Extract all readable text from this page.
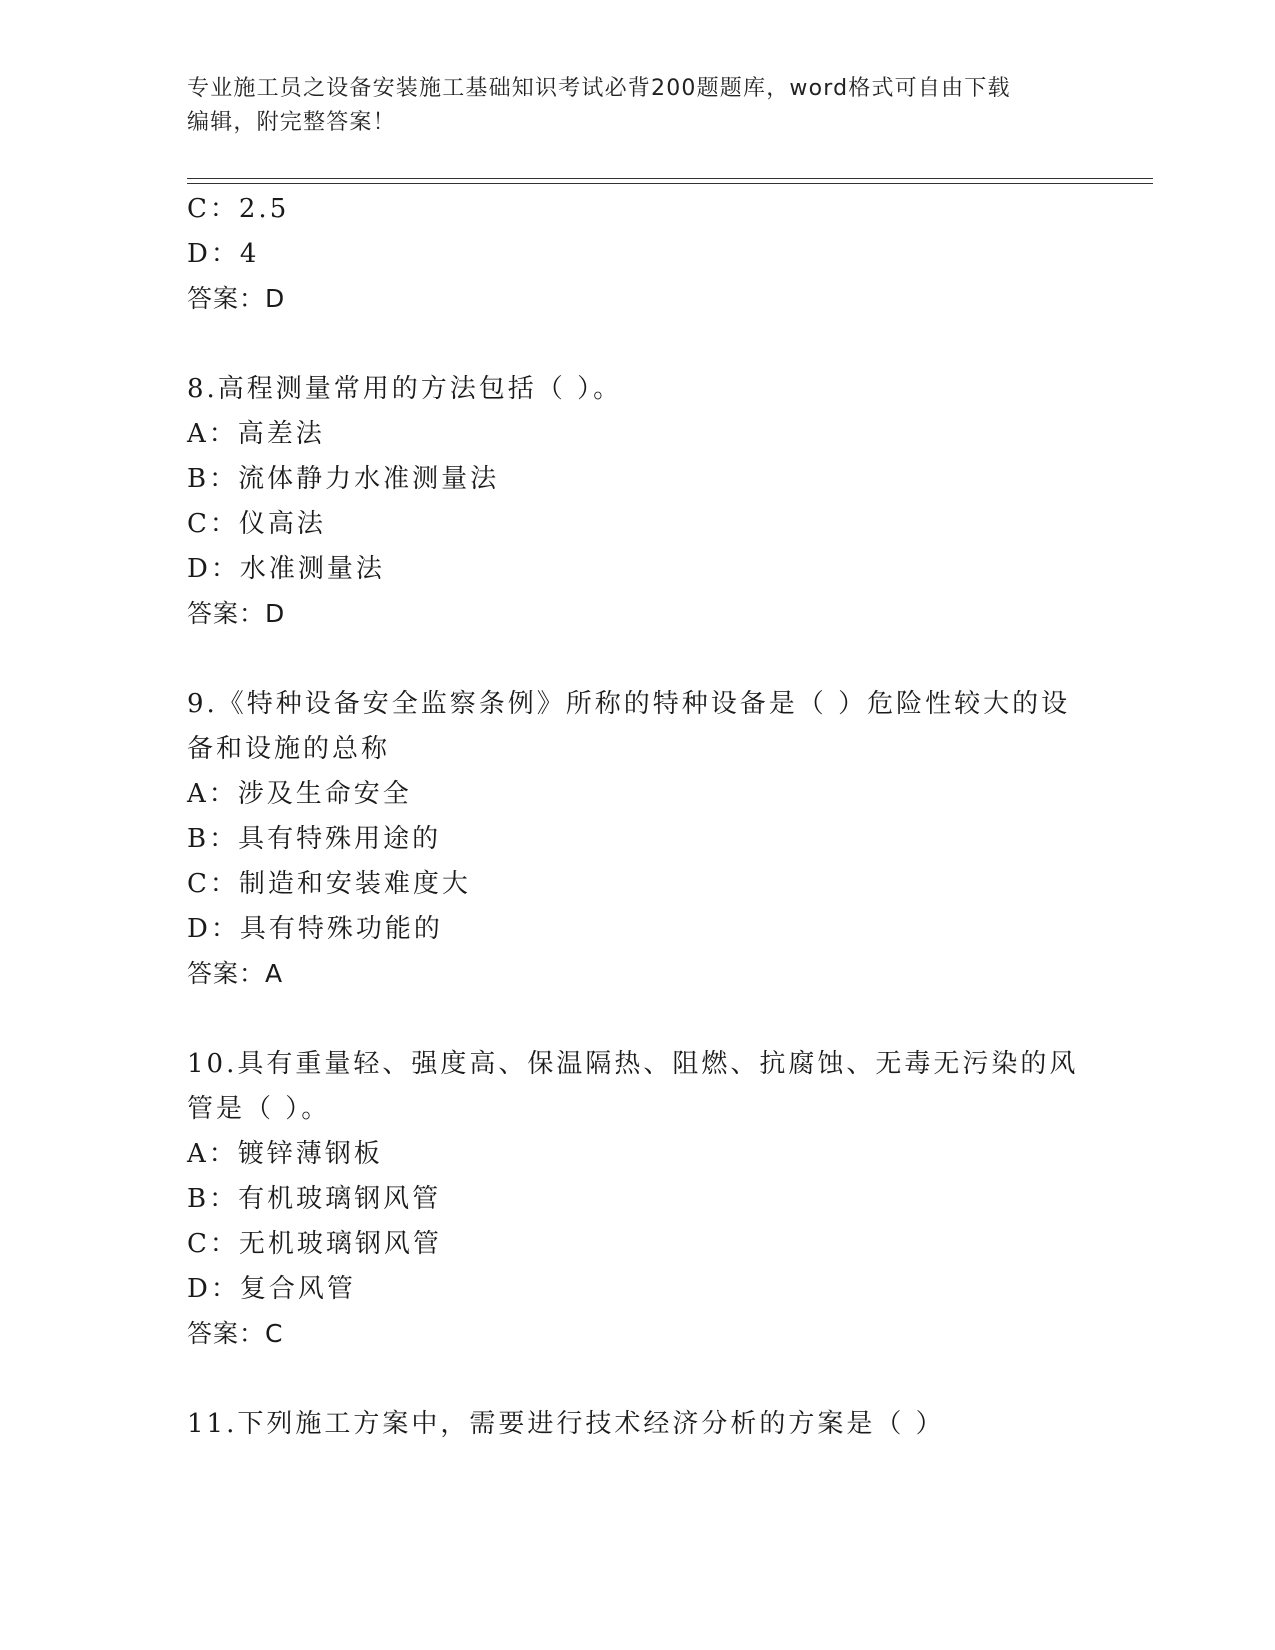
专业施工员之设备安装施工基础知识考试必背200题题库，word格式可自由下载
编辑，附完整答案！
C：2.5
D：4
答案：D
8.高程测量常用的方法包括（ ）。
A：高差法
B：流体静力水准测量法
C：仪高法
D：水准测量法
答案：D
9.《特种设备安全监察条例》所称的特种设备是（ ）危险性较大的设
备和设施的总称
A：涉及生命安全
B：具有特殊用途的
C：制造和安装难度大
D：具有特殊功能的
答案：A
10.具有重量轻、强度高、保温隔热、阻燃、抗腐蚀、无毒无污染的风
管是（ ）。
A：镀锌薄钢板
B：有机玻璃钢风管
C：无机玻璃钢风管
D：复合风管
答案：C
11.下列施工方案中，需要进行技术经济分析的方案是（ ）
